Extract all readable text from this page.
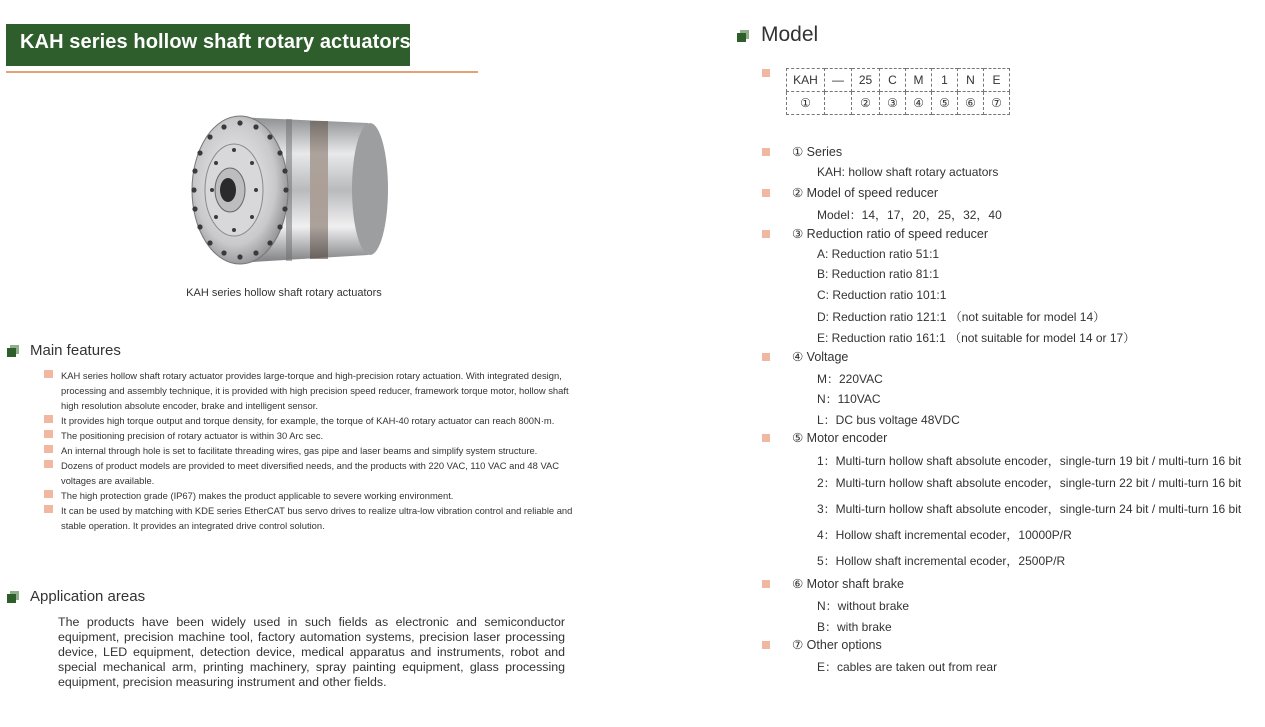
KAH series hollow shaft rotary actuators
KAH series hollow shaft rotary actuators
Main features
KAH series hollow shaft rotary actuator provides large-torque and high-precision rotary actuation. With integrated design, processing and assembly technique, it is provided with high precision speed reducer, framework torque motor, hollow shaft high resolution absolute encoder, brake and intelligent sensor.
It provides high torque output and torque density, for example, the torque of KAH-40 rotary actuator can reach 800N·m.
The positioning precision of rotary actuator is within 30 Arc sec.
An internal through hole is set to facilitate threading wires, gas pipe and laser beams and simplify system structure.
Dozens of product models are provided to meet diversified needs, and the products with 220 VAC, 110 VAC and 48 VAC voltages are available.
The high protection grade (IP67) makes the product applicable to severe working environment.
It can be used by matching with KDE series EtherCAT bus servo drives to realize ultra-low vibration control and reliable and stable operation. It provides an integrated drive control solution.
Application areas
The products have been widely used in such fields as electronic and semiconductor equipment, precision machine tool, factory automation systems, precision laser processing device, LED equipment, detection device, medical apparatus and instruments, robot and special mechanical arm, printing machinery, spray painting equipment, glass processing equipment, precision measuring instrument and other fields.
Model
KAH	—	25	C	M	1	N	E
①		②	③	④	⑤	⑥	⑦
① Series
KAH: hollow shaft rotary actuators
② Model of speed reducer
Model：14，17，20，25，32，40
③ Reduction ratio of speed reducer
A: Reduction ratio 51:1
B: Reduction ratio 81:1
C: Reduction ratio 101:1
D: Reduction ratio 121:1 （not suitable for model 14）
E: Reduction ratio 161:1 （not suitable for model 14 or 17）
④ Voltage
M：220VAC
N：110VAC
L：DC bus voltage 48VDC
⑤ Motor encoder
1：Multi-turn hollow shaft absolute encoder，single-turn 19 bit / multi-turn 16 bit
2：Multi-turn hollow shaft absolute encoder，single-turn 22 bit / multi-turn 16 bit
3：Multi-turn hollow shaft absolute encoder，single-turn 24 bit / multi-turn 16 bit
4：Hollow shaft incremental ecoder，10000P/R
5：Hollow shaft incremental ecoder，2500P/R
⑥ Motor shaft brake
N：without brake
B：with brake
⑦ Other options
E：cables are taken out from rear
